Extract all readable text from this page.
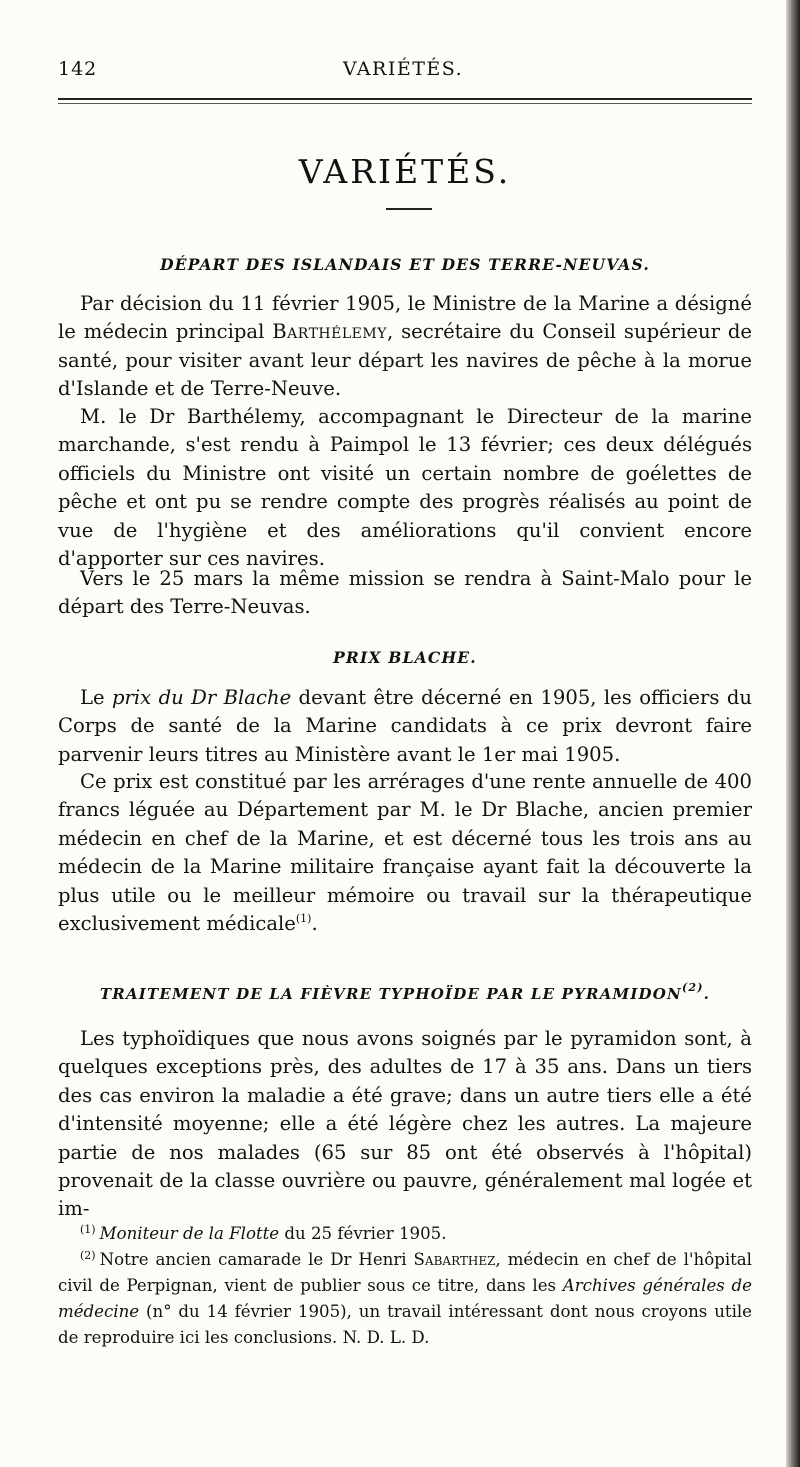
142	VARIÉTÉS.
VARIÉTÉS.
DÉPART DES ISLANDAIS ET DES TERRE-NEUVAS.

Par décision du 11 février 1905, le Ministre de la Marine a désigné le médecin principal Barthélemy, secrétaire du Conseil supérieur de santé, pour visiter avant leur départ les navires de pêche à la morue d'Islande et de Terre-Neuve.

M. le Dr Barthélemy, accompagnant le Directeur de la marine marchande, s'est rendu à Paimpol le 13 février; ces deux délégués officiels du Ministre ont visité un certain nombre de goélettes de pêche et ont pu se rendre compte des progrès réalisés au point de vue de l'hygiène et des améliorations qu'il convient encore d'apporter sur ces navires.

Vers le 25 mars la même mission se rendra à Saint-Malo pour le départ des Terre-Neuvas.

PRIX BLACHE.

Le prix du Dr Blache devant être décerné en 1905, les officiers du Corps de santé de la Marine candidats à ce prix devront faire parvenir leurs titres au Ministère avant le 1er mai 1905.

Ce prix est constitué par les arrérages d'une rente annuelle de 400 francs léguée au Département par M. le Dr Blache, ancien premier médecin en chef de la Marine, et est décerné tous les trois ans au médecin de la Marine militaire française ayant fait la découverte la plus utile ou le meilleur mémoire ou travail sur la thérapeutique exclusivement médicale$^{(1)}$.

TRAITEMENT DE LA FIÈVRE TYPHOÏDE PAR LE PYRAMIDON$^{(2)}$.

Les typhoïdiques que nous avons soignés par le pyramidon sont, à quelques exceptions près, des adultes de 17 à 35 ans. Dans un tiers des cas environ la maladie a été grave; dans un autre tiers elle a été d'intensité moyenne; elle a été légère chez les autres. La majeure partie de nos malades (65 sur 85 ont été observés à l'hôpital) provenait de la classe ouvrière ou pauvre, généralement mal logée et im-

$^{(1)}$ Moniteur de la Flotte du 25 février 1905.

$^{(2)}$ Notre ancien camarade le Dr Henri Sabarthez, médecin en chef de l'hôpital civil de Perpignan, vient de publier sous ce titre, dans les Archives générales de médecine (n° du 14 février 1905), un travail intéressant dont nous croyons utile de reproduire ici les conclusions. N. D. L. D.
